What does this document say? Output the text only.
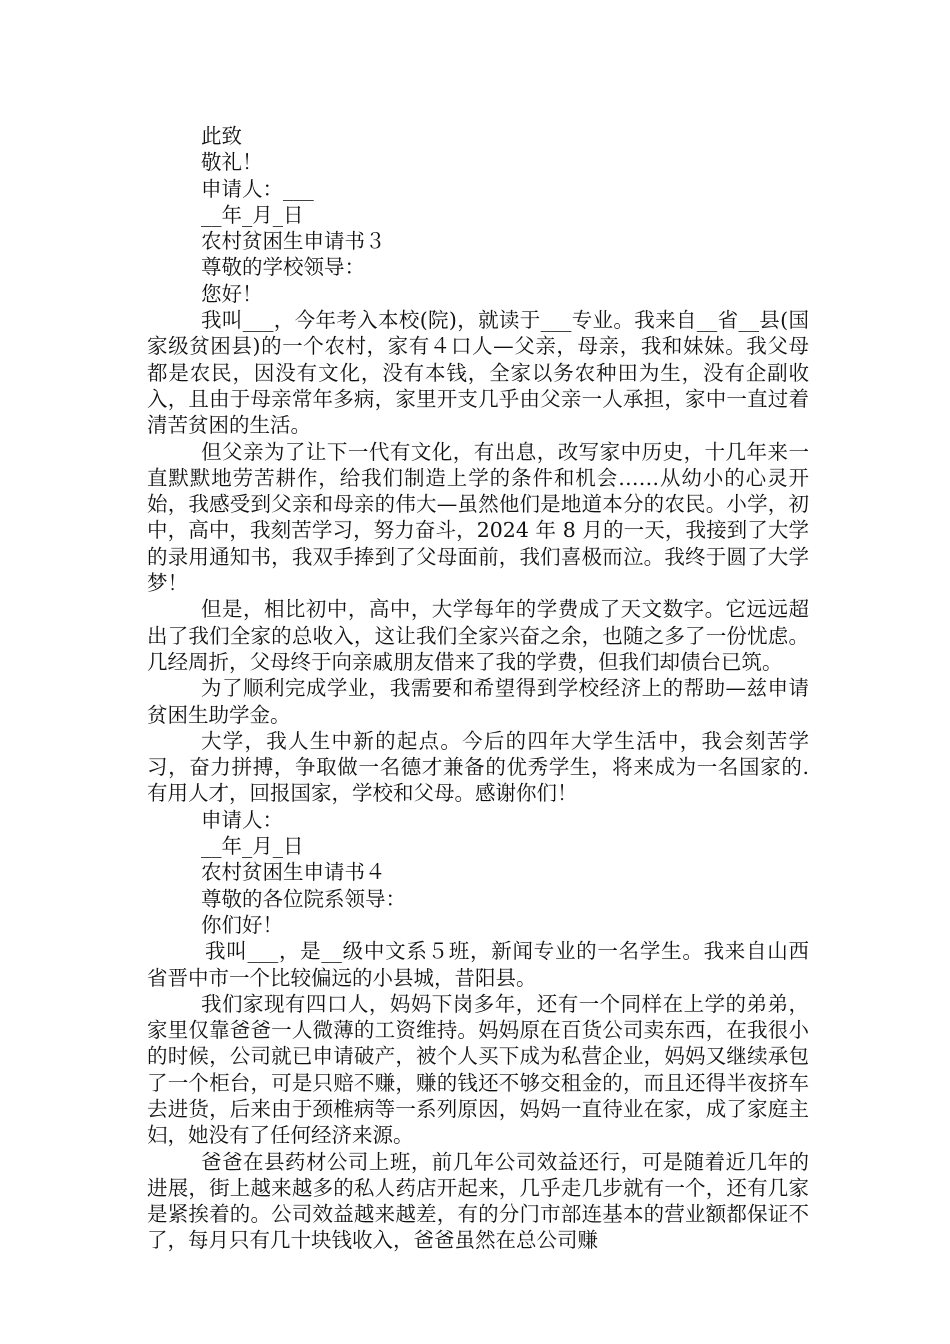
此致

敬礼！

申请人：___

__年_月_日

农村贫困生申请书３

尊敬的学校领导：

您好！

我叫___，今年考入本校(院)，就读于___专业。我来自__省__县(国家级贫困县)的一个农村，家有４口人—父亲，母亲，我和妹妹。我父母都是农民，因没有文化，没有本钱，全家以务农种田为生，没有企副收入，且由于母亲常年多病，家里开支几乎由父亲一人承担，家中一直过着清苦贫困的生活。

但父亲为了让下一代有文化，有出息，改写家中历史，十几年来一直默默地劳苦耕作，给我们制造上学的条件和机会……从幼小的心灵开始，我感受到父亲和母亲的伟大—虽然他们是地道本分的农民。小学，初中，高中，我刻苦学习，努力奋斗，2024 年 8 月的一天，我接到了大学的录用通知书，我双手捧到了父母面前，我们喜极而泣。我终于圆了大学梦！

但是，相比初中，高中，大学每年的学费成了天文数字。它远远超出了我们全家的总收入，这让我们全家兴奋之余，也随之多了一份忧虑。几经周折，父母终于向亲戚朋友借来了我的学费，但我们却债台已筑。

为了顺利完成学业，我需要和希望得到学校经济上的帮助—兹申请贫困生助学金。

大学，我人生中新的起点。今后的四年大学生活中，我会刻苦学习，奋力拼搏，争取做一名德才兼备的优秀学生，将来成为一名国家的.有用人才，回报国家，学校和父母。感谢你们！

申请人：

__年_月_日

农村贫困生申请书４

尊敬的各位院系领导：

你们好！

我叫___，是__级中文系５班，新闻专业的一名学生。我来自山西省晋中市一个比较偏远的小县城，昔阳县。

我们家现有四口人，妈妈下岗多年，还有一个同样在上学的弟弟，家里仅靠爸爸一人微薄的工资维持。妈妈原在百货公司卖东西，在我很小的时候，公司就已申请破产，被个人买下成为私营企业，妈妈又继续承包了一个柜台，可是只赔不赚，赚的钱还不够交租金的，而且还得半夜挤车去进货，后来由于颈椎病等一系列原因，妈妈一直待业在家，成了家庭主妇，她没有了任何经济来源。

爸爸在县药材公司上班，前几年公司效益还行，可是随着近几年的进展，街上越来越多的私人药店开起来，几乎走几步就有一个，还有几家是紧挨着的。公司效益越来越差，有的分门市部连基本的营业额都保证不了，每月只有几十块钱收入，爸爸虽然在总公司赚
